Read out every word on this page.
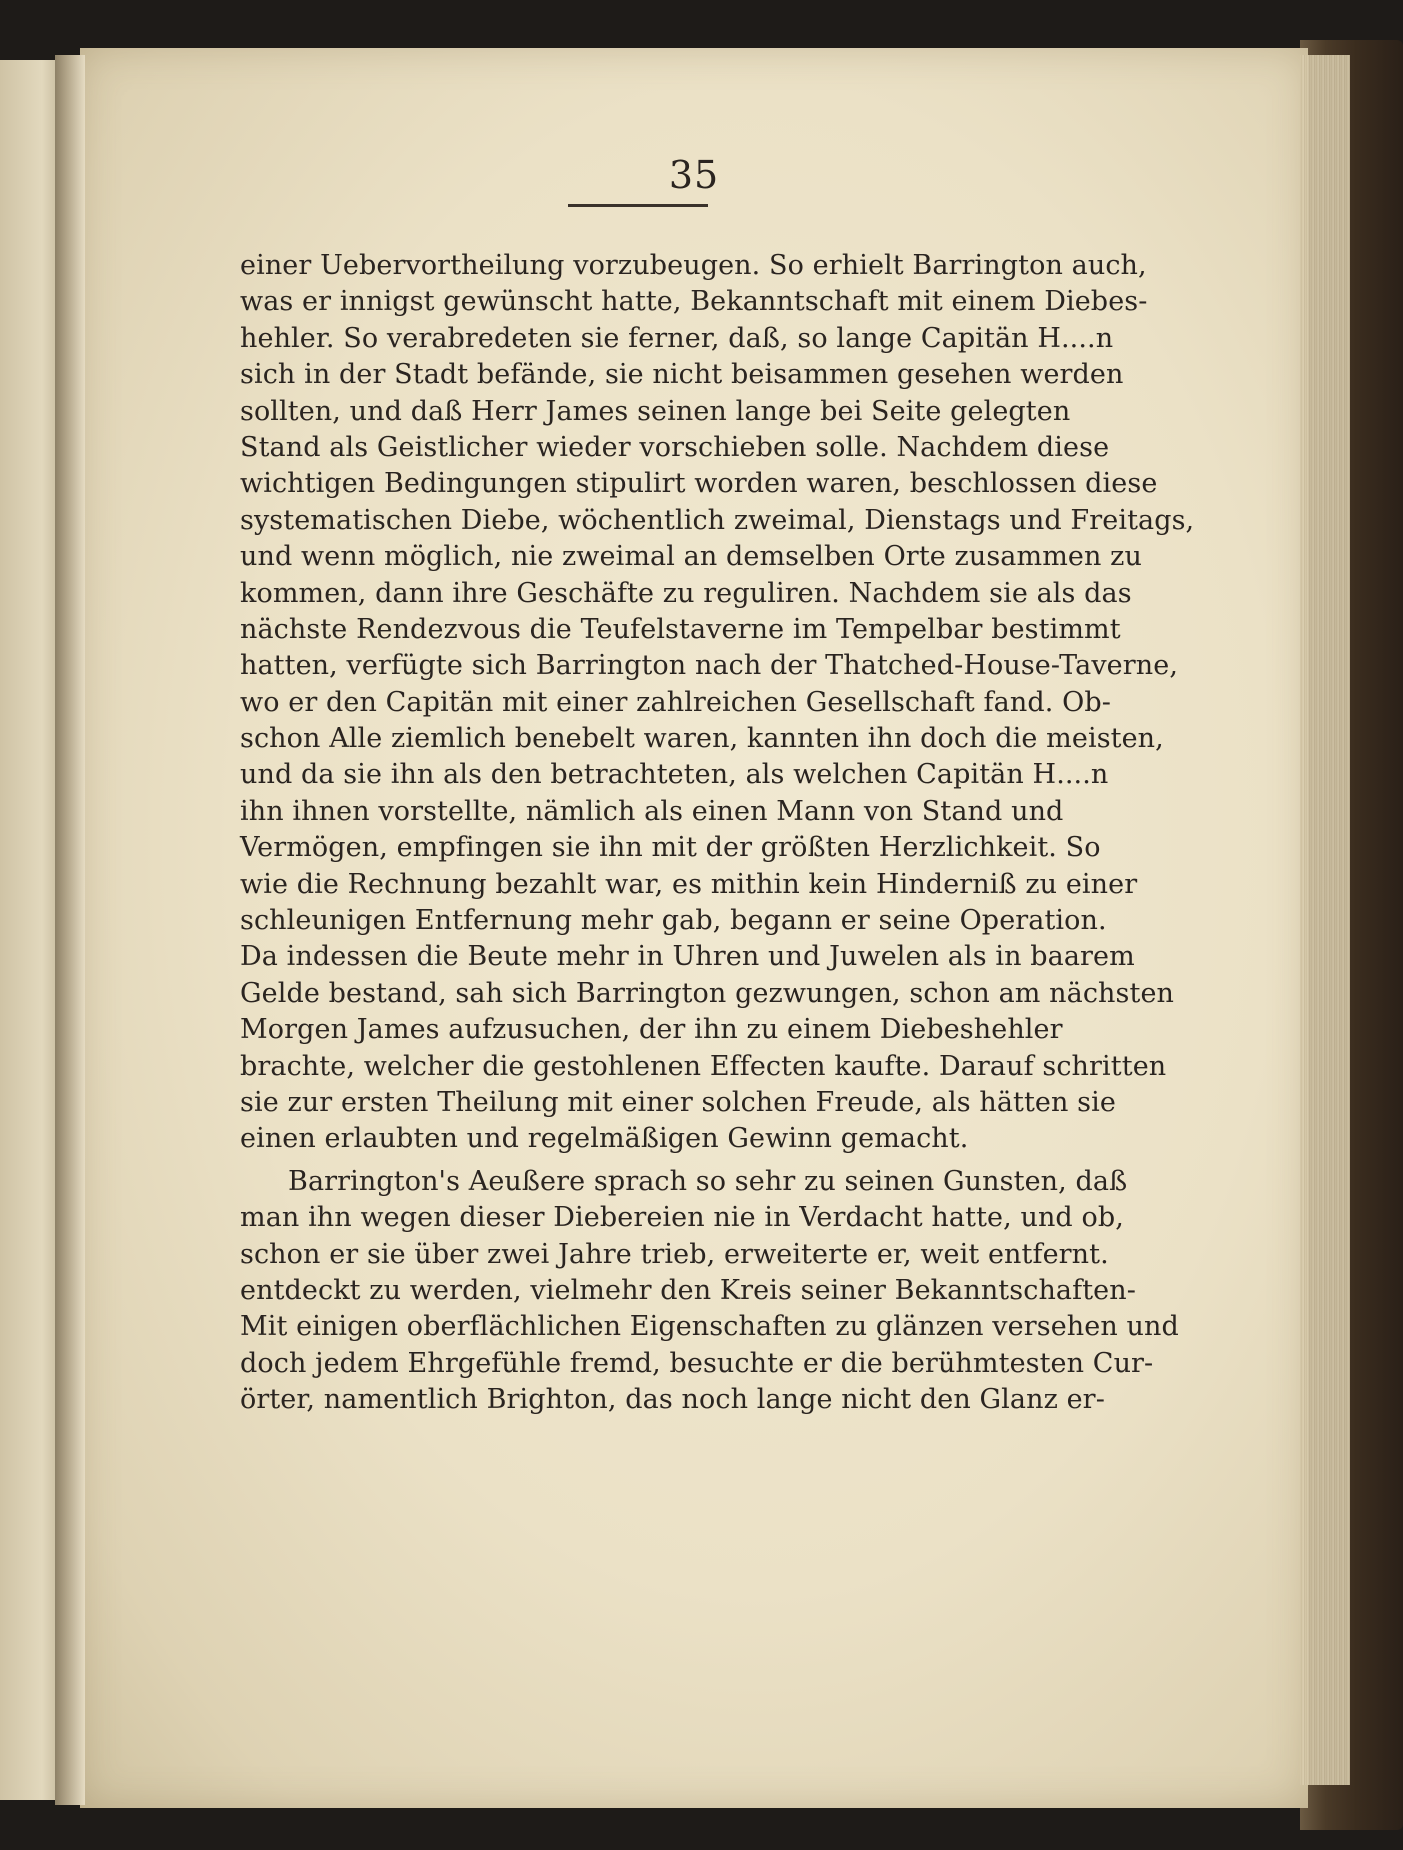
35
einer Uebervortheilung vorzubeugen. So erhielt Barrington auch,
was er innigst gewünscht hatte, Bekanntschaft mit einem Diebes-
hehler. So verabredeten sie ferner, daß, so lange Capitän H....n
sich in der Stadt befände, sie nicht beisammen gesehen werden
sollten, und daß Herr James seinen lange bei Seite gelegten
Stand als Geistlicher wieder vorschieben solle. Nachdem diese
wichtigen Bedingungen stipulirt worden waren, beschlossen diese
systematischen Diebe, wöchentlich zweimal, Dienstags und Freitags,
und wenn möglich, nie zweimal an demselben Orte zusammen zu
kommen, dann ihre Geschäfte zu reguliren. Nachdem sie als das
nächste Rendezvous die Teufelstaverne im Tempelbar bestimmt
hatten, verfügte sich Barrington nach der Thatched-House-Taverne,
wo er den Capitän mit einer zahlreichen Gesellschaft fand. Ob-
schon Alle ziemlich benebelt waren, kannten ihn doch die meisten,
und da sie ihn als den betrachteten, als welchen Capitän H....n
ihn ihnen vorstellte, nämlich als einen Mann von Stand und
Vermögen, empfingen sie ihn mit der größten Herzlichkeit. So
wie die Rechnung bezahlt war, es mithin kein Hinderniß zu einer
schleunigen Entfernung mehr gab, begann er seine Operation.
Da indessen die Beute mehr in Uhren und Juwelen als in baarem
Gelde bestand, sah sich Barrington gezwungen, schon am nächsten
Morgen James aufzusuchen, der ihn zu einem Diebeshehler
brachte, welcher die gestohlenen Effecten kaufte. Darauf schritten
sie zur ersten Theilung mit einer solchen Freude, als hätten sie
einen erlaubten und regelmäßigen Gewinn gemacht.
Barrington's Aeußere sprach so sehr zu seinen Gunsten, daß
man ihn wegen dieser Diebereien nie in Verdacht hatte, und ob,
schon er sie über zwei Jahre trieb, erweiterte er, weit entfernt.
entdeckt zu werden, vielmehr den Kreis seiner Bekanntschaften-
Mit einigen oberflächlichen Eigenschaften zu glänzen versehen und
doch jedem Ehrgefühle fremd, besuchte er die berühmtesten Cur-
örter, namentlich Brighton, das noch lange nicht den Glanz er-
